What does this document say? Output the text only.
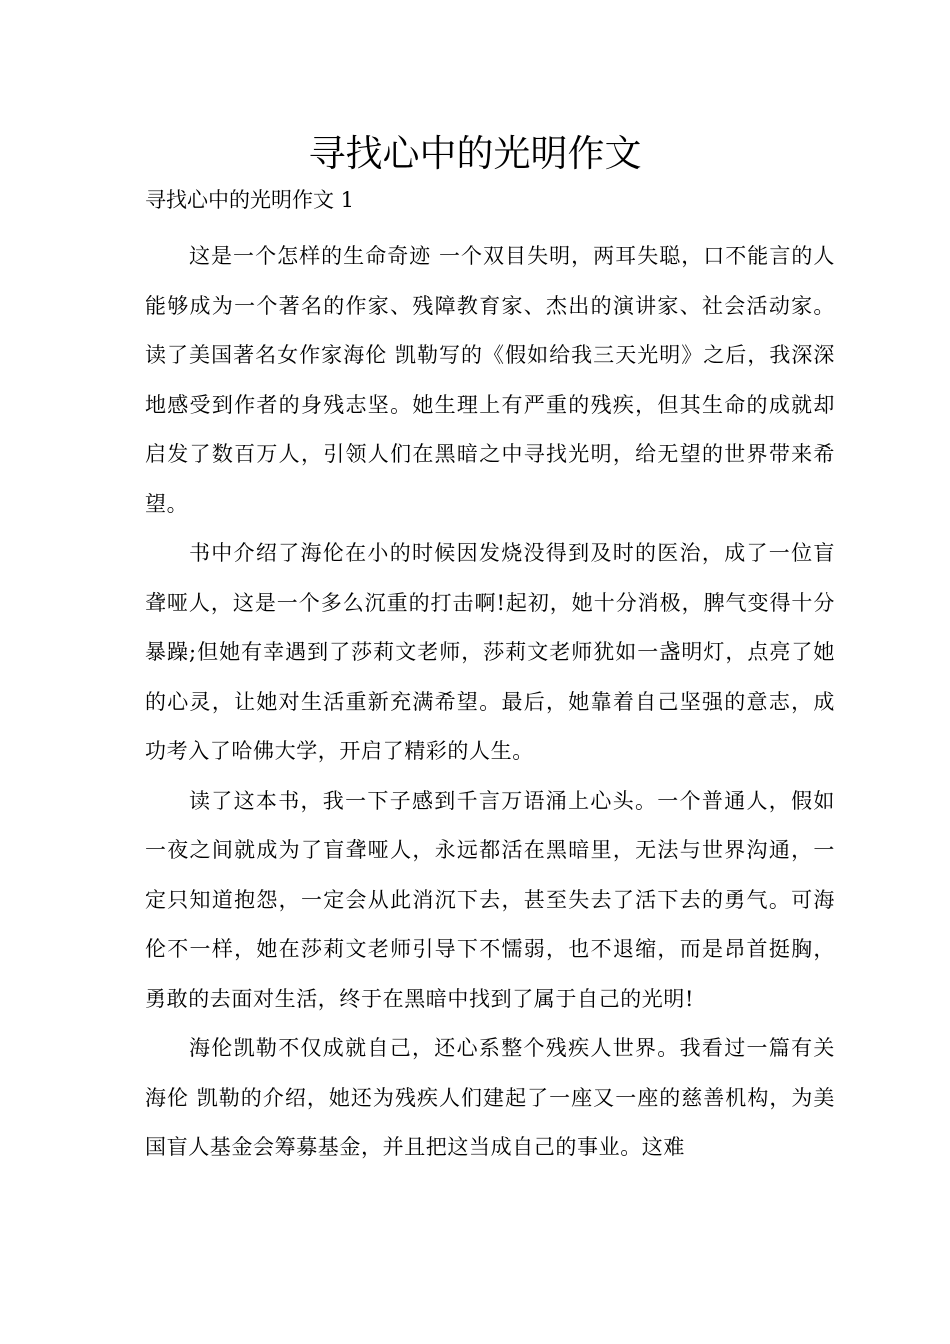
寻找心中的光明作文
寻找心中的光明作文 1

这是一个怎样的生命奇迹 一个双目失明，两耳失聪，口不能言的人能够成为一个著名的作家、残障教育家、杰出的演讲家、社会活动家。读了美国著名女作家海伦 凯勒写的《假如给我三天光明》之后，我深深地感受到作者的身残志坚。她生理上有严重的残疾，但其生命的成就却启发了数百万人，引领人们在黑暗之中寻找光明，给无望的世界带来希望。

书中介绍了海伦在小的时候因发烧没得到及时的医治，成了一位盲聋哑人，这是一个多么沉重的打击啊!起初，她十分消极，脾气变得十分暴躁;但她有幸遇到了莎莉文老师，莎莉文老师犹如一盏明灯，点亮了她的心灵，让她对生活重新充满希望。最后，她靠着自己坚强的意志，成功考入了哈佛大学，开启了精彩的人生。

读了这本书，我一下子感到千言万语涌上心头。一个普通人，假如一夜之间就成为了盲聋哑人，永远都活在黑暗里，无法与世界沟通，一定只知道抱怨，一定会从此消沉下去，甚至失去了活下去的勇气。可海伦不一样，她在莎莉文老师引导下不懦弱，也不退缩，而是昂首挺胸，勇敢的去面对生活，终于在黑暗中找到了属于自己的光明!

海伦凯勒不仅成就自己，还心系整个残疾人世界。我看过一篇有关海伦 凯勒的介绍，她还为残疾人们建起了一座又一座的慈善机构，为美国盲人基金会筹募基金，并且把这当成自己的事业。这难
